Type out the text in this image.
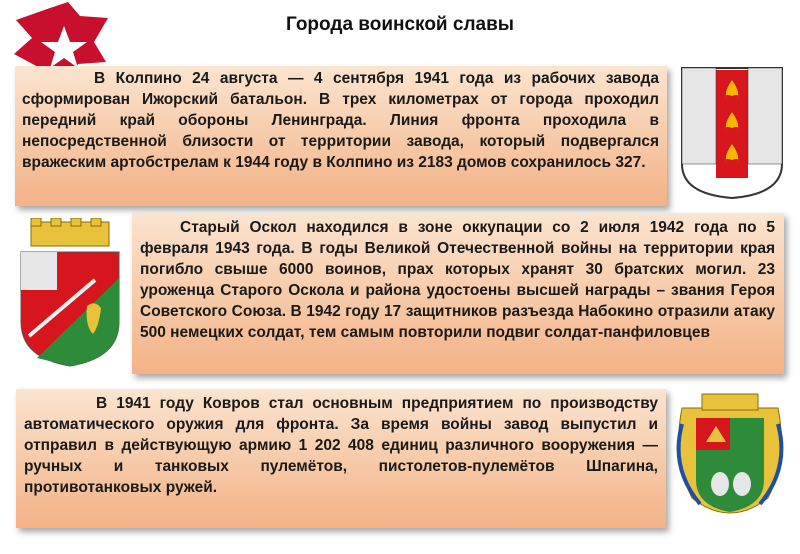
Города воинской славы

В Колпино 24 августа — 4 сентября 1941 года из рабочих завода сформирован Ижорский батальон. В трех километрах от города проходил передний край обороны Ленинграда. Линия фронта проходила в непосредственной близости от территории завода, который подвергался вражеским артобстрелам к 1944 году в Колпино из 2183 домов сохранилось 327.

Старый Оскол находился в зоне оккупации со 2 июля 1942 года по 5 февраля 1943 года. В годы Великой Отечественной войны на территории края погибло свыше 6000 воинов, прах которых хранят 30 братских могил. 23 уроженца Старого Оскола и района удостоены высшей награды – звания Героя Советского Союза. В 1942 году 17 защитников разъезда Набокино отразили атаку 500 немецких солдат, тем самым повторили подвиг солдат-панфиловцев

В 1941 году Ковров стал основным предприятием по производству автоматического оружия для фронта. За время войны завод выпустил и отправил в действующую армию 1 202 408 единиц различного вооружения — ручных и танковых пулемётов, пистолетов-пулемётов Шпагина, противотанковых ружей.
